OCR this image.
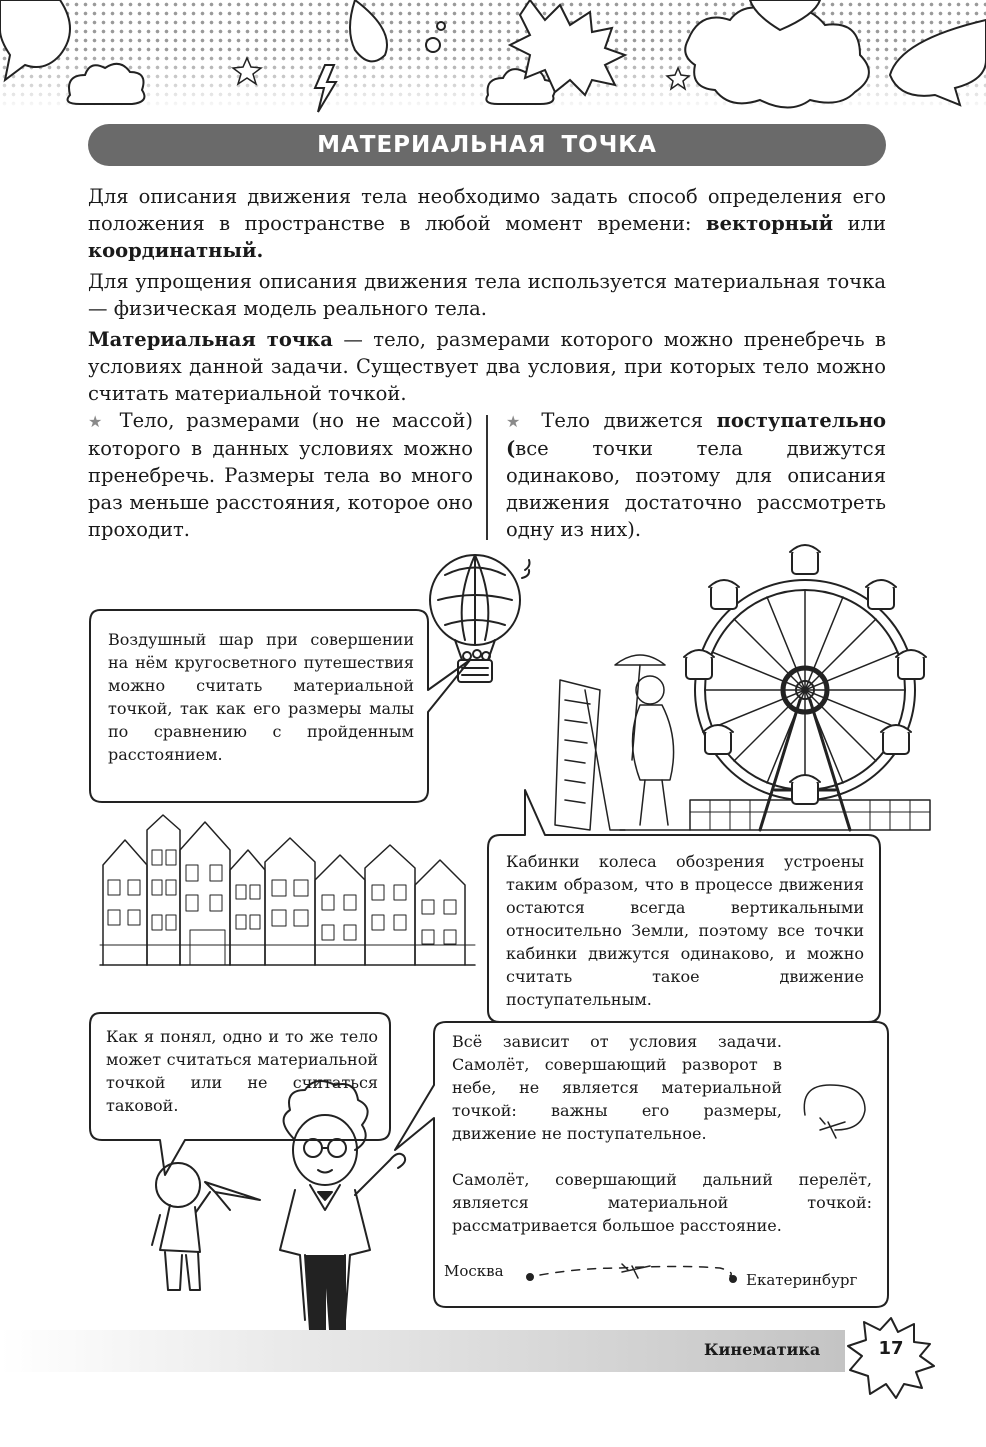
МАТЕРИАЛЬНАЯ ТОЧКА

Для описания движения тела необходимо задать способ определения его положения в пространстве в любой момент времени: векторный или координатный.

Для упрощения описания движения тела используется материальная точка — физическая модель реального тела.

Материальная точка — тело, размерами которого можно пренебречь в условиях данной задачи. Существует два условия, при которых тело можно считать материальной точкой.

★ Тело, размерами (но не массой) которого в данных условиях можно пренебречь. Размеры тела во много раз меньше расстояния, которое оно проходит.
★ Тело движется поступательно (все точки тела движутся одинаково, поэтому для описания движения достаточно рассмотреть одну из них).
Воздушный шар при совершении на нём кругосветного путешествия можно считать материальной точкой, так как его размеры малы по сравнению с пройденным расстоянием.
Кабинки колеса обозрения устроены таким образом, что в процессе движения остаются всегда вертикальными относительно Земли, поэтому все точки кабинки движутся одинаково, и можно считать такое движение поступательным.
Как я понял, одно и то же тело может считаться материальной точкой или не считаться таковой.
Всё зависит от условия задачи. Самолёт, совершающий разворот в небе, не является материальной точкой: важны его размеры, движение не поступательное.
Самолёт, совершающий дальний перелёт, является материальной точкой: рассматривается большое расстояние.
Москва	Екатеринбург
Кинематика	17
